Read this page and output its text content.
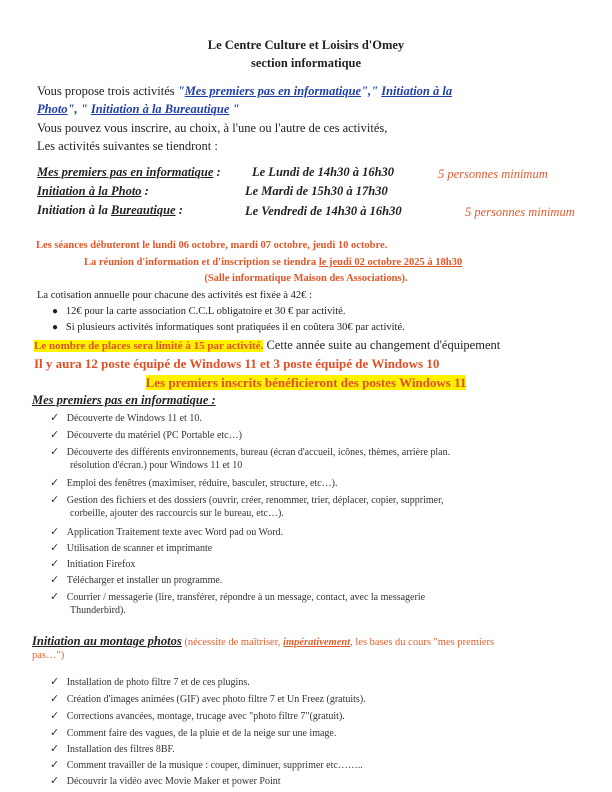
Le Centre Culture et Loisirs d'Omey
section informatique
Vous propose trois activités "Mes premiers pas en informatique"," Initiation à la
Photo", " Initiation à la Bureautique "
Vous pouvez vous inscrire, au choix, à l'une ou l'autre de ces activités,
Les activités suivantes se tiendront :
Mes premiers pas en informatique :	Le Lundi de 14h30 à 16h30	5 personnes minimum
Initiation à la Photo :	Le Mardi de 15h30 à 17h30
Initiation à la Bureautique :	Le Vendredi de 14h30 à 16h30	5 personnes minimum
Les séances débuteront le lundi 06 octobre, mardi 07 octobre, jeudi 10 octobre.
La réunion d'information et d'inscription se tiendra le jeudi 02 octobre 2025 à 18h30
(Salle informatique Maison des Associations).
La cotisation annuelle pour chacune des activités est fixée à 42€ :
● 12€ pour la carte association C.C.L obligatoire et 30 € par activité.
● Si plusieurs activités informatiques sont pratiquées il en coûtera 30€ par activité.
Le nombre de places sera limité à 15 par activité. Cette année suite au changement d'équipement
Il y aura 12 poste équipé de Windows 11 et 3 poste équipé de Windows 10
Les premiers inscrits bénéficieront des postes Windows 11
Mes premiers pas en informatique :
✓ Découverte de Windows 11 et 10.
✓ Découverte du matériel (PC Portable etc…)
✓ Découverte des différents environnements, bureau (écran d'accueil, icônes, thèmes, arrière plan.
résolution d'écran.) pour Windows 11 et 10
✓ Emploi des fenêtres (maximiser, réduire, basculer, structure, etc…).
✓ Gestion des fichiers et des dossiers (ouvrir, créer, renommer, trier, déplacer, copier, supprimer,
corbeille, ajouter des raccourcis sur le bureau, etc…).
✓ Application Traitement texte avec Word pad ou Word.
✓ Utilisation de scanner et imprimante
✓ Initiation Firefox
✓ Télécharger et installer un programme.
✓ Courrier / messagerie (lire, transférer, répondre à un message, contact, avec la messagerie
Thunderbird).
Initiation au montage photos (nécessite de maîtriser, impérativement, les bases du cours "mes premiers
pas…")
✓ Installation de photo filtre 7 et de ces plugins.
✓ Création d'images animées (GIF) avec photo filtre 7 et Un Freez (gratuits).
✓ Corrections avancées, montage, trucage avec "photo filtre 7"(gratuit).
✓ Comment faire des vagues, de la pluie et de la neige sur une image.
✓ Installation des filtres 8BF.
✓ Comment travailler de la musique : couper, diminuer, supprimer etc……..
✓ Découvrir la vidéo avec Movie Maker et power Point
